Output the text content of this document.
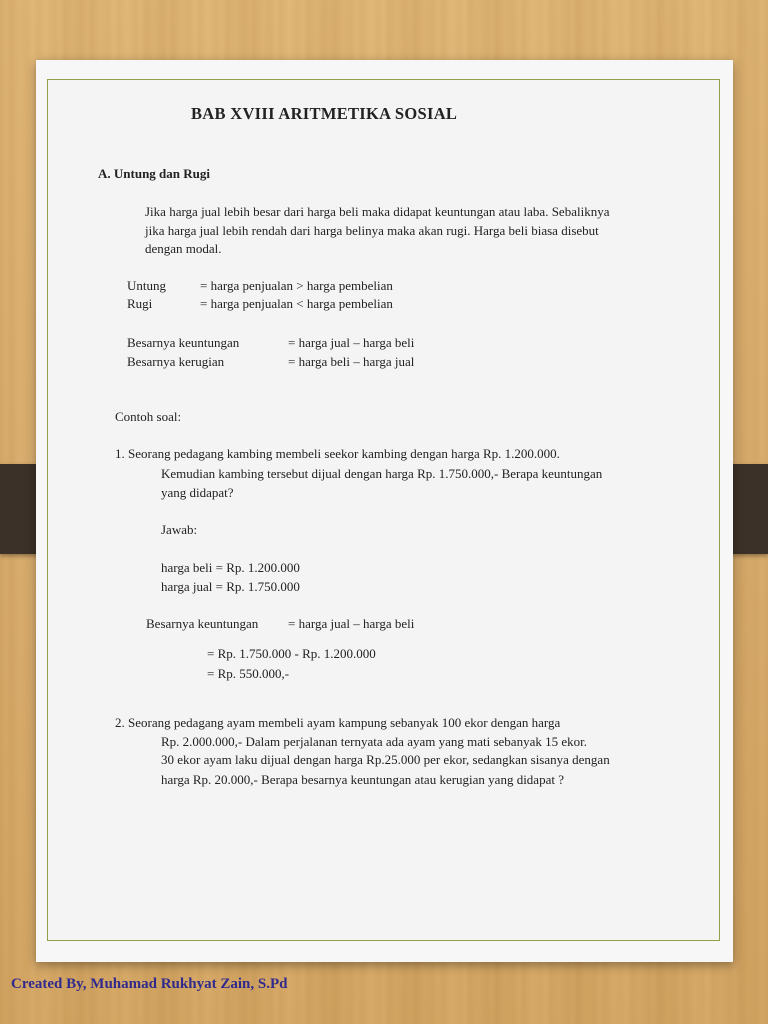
BAB XVIII ARITMETIKA SOSIAL
A. Untung dan Rugi
Jika harga jual lebih besar dari harga beli maka didapat keuntungan atau laba. Sebaliknya
jika harga jual lebih rendah dari harga belinya maka akan rugi. Harga beli biasa disebut
dengan modal.
Untung	= harga penjualan > harga pembelian
Rugi	= harga penjualan < harga pembelian
Besarnya keuntungan	= harga jual – harga beli
Besarnya kerugian	= harga beli – harga jual
Contoh soal:
1. Seorang pedagang kambing membeli seekor kambing dengan harga Rp. 1.200.000.
Kemudian kambing tersebut dijual dengan harga Rp. 1.750.000,- Berapa keuntungan
yang didapat?
Jawab:
harga beli = Rp. 1.200.000
harga jual = Rp. 1.750.000
Besarnya keuntungan = harga jual – harga beli
= Rp. 1.750.000 - Rp. 1.200.000
= Rp. 550.000,-
2. Seorang pedagang ayam membeli ayam kampung sebanyak 100 ekor dengan harga
Rp. 2.000.000,- Dalam perjalanan ternyata ada ayam yang mati sebanyak 15 ekor.
30 ekor ayam laku dijual dengan harga Rp.25.000 per ekor, sedangkan sisanya dengan
harga Rp. 20.000,- Berapa besarnya keuntungan atau kerugian yang didapat ?
Created By, Muhamad Rukhyat Zain, S.Pd
